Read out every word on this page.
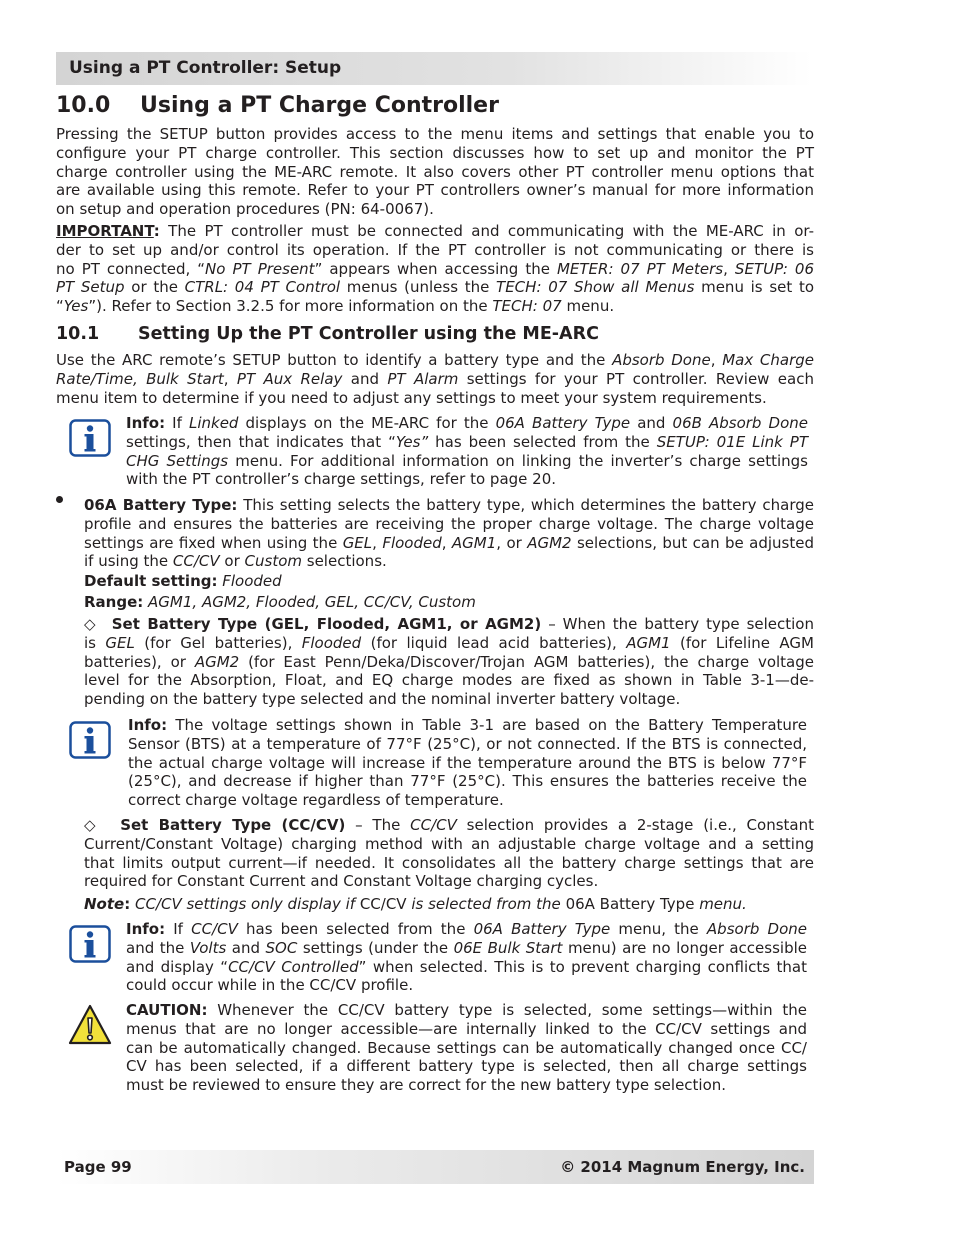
Using a PT Controller: Setup
10.0 Using a PT Charge Controller
Pressing the SETUP button provides access to the menu items and settings that enable you to
configure your PT charge controller. This section discusses how to set up and monitor the PT
charge controller using the ME-ARC remote. It also covers other PT controller menu options that
are available using this remote. Refer to your PT controllers owner’s manual for more information
on setup and operation procedures (PN: 64-0067).
IMPORTANT: The PT controller must be connected and communicating with the ME-ARC in or-
der to set up and/or control its operation. If the PT controller is not communicating or there is
no PT connected, “No PT Present” appears when accessing the METER: 07 PT Meters, SETUP: 06
PT Setup or the CTRL: 04 PT Control menus (unless the TECH: 07 Show all Menus menu is set to
“Yes”). Refer to Section 3.2.5 for more information on the TECH: 07 menu.
10.1 Setting Up the PT Controller using the ME-ARC
Use the ARC remote’s SETUP button to identify a battery type and the Absorb Done, Max Charge
Rate/Time, Bulk Start, PT Aux Relay and PT Alarm settings for your PT controller. Review each
menu item to determine if you need to adjust any settings to meet your system requirements.
Info: If Linked displays on the ME-ARC for the 06A Battery Type and 06B Absorb Done
settings, then that indicates that “Yes” has been selected from the SETUP: 01E Link PT
CHG Settings menu. For additional information on linking the inverter’s charge settings
with the PT controller’s charge settings, refer to page 20.
06A Battery Type: This setting selects the battery type, which determines the battery charge
profile and ensures the batteries are receiving the proper charge voltage. The charge voltage
settings are fixed when using the GEL, Flooded, AGM1, or AGM2 selections, but can be adjusted
if using the CC/CV or Custom selections.
Default setting: Flooded
Range: AGM1, AGM2, Flooded, GEL, CC/CV, Custom
◇ Set Battery Type (GEL, Flooded, AGM1, or AGM2) – When the battery type selection
is GEL (for Gel batteries), Flooded (for liquid lead acid batteries), AGM1 (for Lifeline AGM
batteries), or AGM2 (for East Penn/Deka/Discover/Trojan AGM batteries), the charge voltage
level for the Absorption, Float, and EQ charge modes are fixed as shown in Table 3-1—de-
pending on the battery type selected and the nominal inverter battery voltage.
Info: The voltage settings shown in Table 3-1 are based on the Battery Temperature
Sensor (BTS) at a temperature of 77°F (25°C), or not connected. If the BTS is connected,
the actual charge voltage will increase if the temperature around the BTS is below 77°F
(25°C), and decrease if higher than 77°F (25°C). This ensures the batteries receive the
correct charge voltage regardless of temperature.
◇ Set Battery Type (CC/CV) – The CC/CV selection provides a 2-stage (i.e., Constant
Current/Constant Voltage) charging method with an adjustable charge voltage and a setting
that limits output current—if needed. It consolidates all the battery charge settings that are
required for Constant Current and Constant Voltage charging cycles.
Note: CC/CV settings only display if CC/CV is selected from the 06A Battery Type menu.
Info: If CC/CV has been selected from the 06A Battery Type menu, the Absorb Done
and the Volts and SOC settings (under the 06E Bulk Start menu) are no longer accessible
and display “CC/CV Controlled” when selected. This is to prevent charging conflicts that
could occur while in the CC/CV profile.
CAUTION: Whenever the CC/CV battery type is selected, some settings—within the
menus that are no longer accessible—are internally linked to the CC/CV settings and
can be automatically changed. Because settings can be automatically changed once CC/
CV has been selected, if a different battery type is selected, then all charge settings
must be reviewed to ensure they are correct for the new battery type selection.
Page 99	© 2014 Magnum Energy, Inc.
